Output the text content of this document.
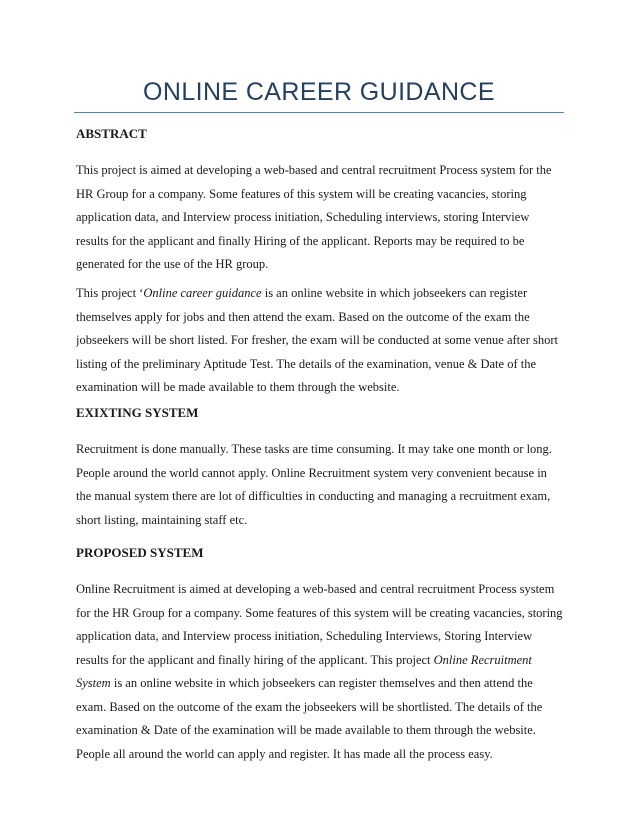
ONLINE CAREER GUIDANCE
ABSTRACT
This project is aimed at developing a web-based and central recruitment Process system for the
HR Group for a company. Some features of this system will be creating vacancies, storing
application data, and Interview process initiation, Scheduling interviews, storing Interview
results for the applicant and finally Hiring of the applicant. Reports may be required to be
generated for the use of the HR group.
This project ‘Online career guidance is an online website in which jobseekers can register
themselves apply for jobs and then attend the exam. Based on the outcome of the exam the
jobseekers will be short listed. For fresher, the exam will be conducted at some venue after short
listing of the preliminary Aptitude Test. The details of the examination, venue & Date of the
examination will be made available to them through the website.
EXIXTING SYSTEM
Recruitment is done manually. These tasks are time consuming. It may take one month or long.
People around the world cannot apply. Online Recruitment system very convenient because in
the manual system there are lot of difficulties in conducting and managing a recruitment exam,
short listing, maintaining staff etc.
PROPOSED SYSTEM
Online Recruitment is aimed at developing a web-based and central recruitment Process system
for the HR Group for a company. Some features of this system will be creating vacancies, storing
application data, and Interview process initiation, Scheduling Interviews, Storing Interview
results for the applicant and finally hiring of the applicant. This project Online Recruitment
System is an online website in which jobseekers can register themselves and then attend the
exam. Based on the outcome of the exam the jobseekers will be shortlisted. The details of the
examination & Date of the examination will be made available to them through the website.
People all around the world can apply and register. It has made all the process easy.
